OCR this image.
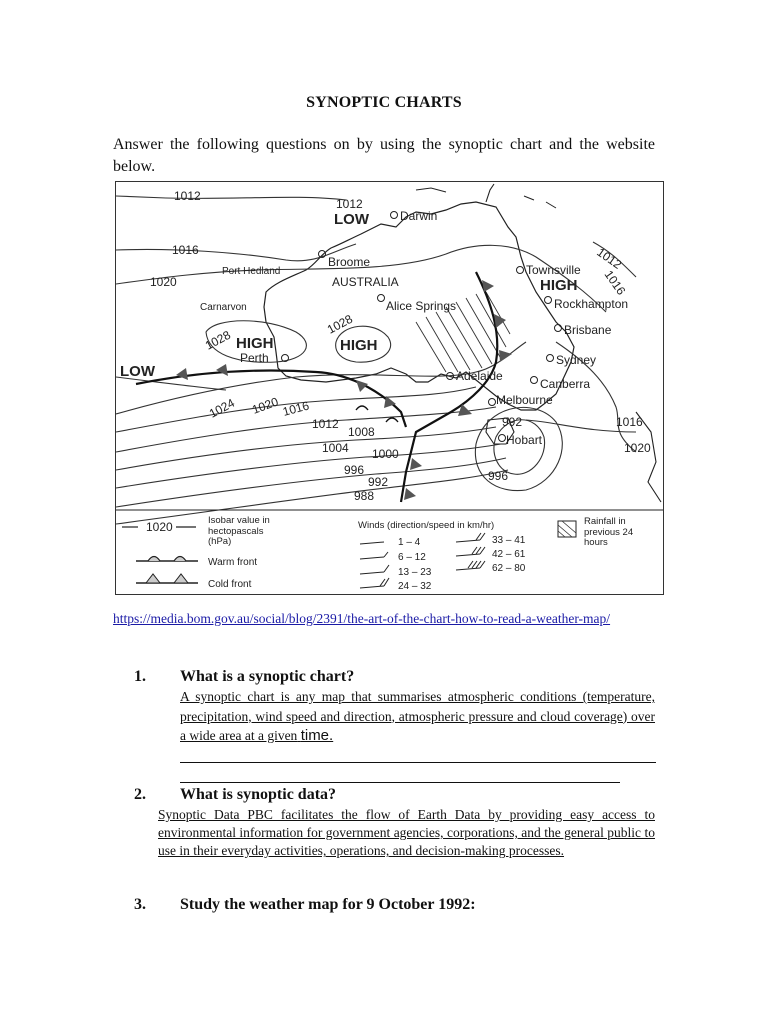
SYNOPTIC CHARTS
Answer the following questions on by using the synoptic chart and the website below.
1012
1012
1016
1020
1028
1028
1024 1020 1016
1012
1008
1004 1000
996
992
988
1012
1016
1016
1020
992
996
LOW
HIGH	HIGH
HIGH
LOW
Darwin
Broome
Port Hedland
Carnarvon
AUSTRALIA
Alice Springs
Perth
Townsville
Rockhampton
Brisbane
Sydney
Canberra
Adelaide
Melbourne
Hobart
1020	Isobar value in hectopascals (hPa)
Warm front
Cold front
Winds (direction/speed in km/hr)
1 – 4
6 – 12
13 – 23
24 – 32
33 – 41
42 – 61
62 – 80
Rainfall in previous 24 hours
https://media.bom.gov.au/social/blog/2391/the-art-of-the-chart-how-to-read-a-weather-map/
1. What is a synoptic chart?
A synoptic chart is any map that summarises atmospheric conditions (temperature, precipitation, wind speed and direction, atmospheric pressure and cloud coverage) over a wide area at a given time.
2. What is synoptic data?
Synoptic Data PBC facilitates the flow of Earth Data by providing easy access to environmental information for government agencies, corporations, and the general public to use in their everyday activities, operations, and decision-making processes.
3. Study the weather map for 9 October 1992:
